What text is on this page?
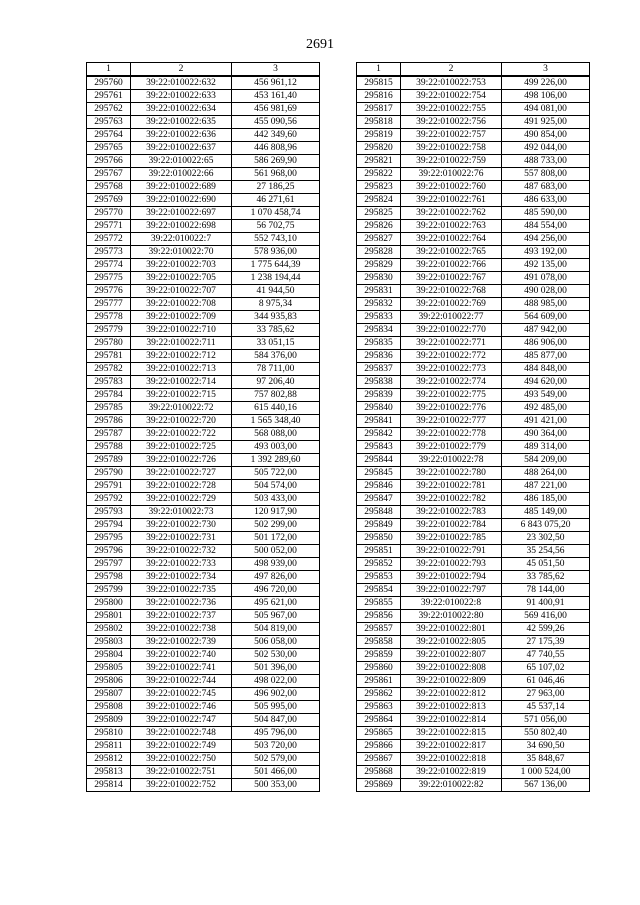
2691
1	2	3
295760	39:22:010022:632	456 961,12
295761	39:22:010022:633	453 161,40
295762	39:22:010022:634	456 981,69
295763	39:22:010022:635	455 090,56
295764	39:22:010022:636	442 349,60
295765	39:22:010022:637	446 808,96
295766	39:22:010022:65	586 269,90
295767	39:22:010022:66	561 968,00
295768	39:22:010022:689	27 186,25
295769	39:22:010022:690	46 271,61
295770	39:22:010022:697	1 070 458,74
295771	39:22:010022:698	56 702,75
295772	39:22:010022:7	552 743,10
295773	39:22:010022:70	578 936,00
295774	39:22:010022:703	1 775 644,39
295775	39:22:010022:705	1 238 194,44
295776	39:22:010022:707	41 944,50
295777	39:22:010022:708	8 975,34
295778	39:22:010022:709	344 935,83
295779	39:22:010022:710	33 785,62
295780	39:22:010022:711	33 051,15
295781	39:22:010022:712	584 376,00
295782	39:22:010022:713	78 711,00
295783	39:22:010022:714	97 206,40
295784	39:22:010022:715	757 802,88
295785	39:22:010022:72	615 440,16
295786	39:22:010022:720	1 565 348,40
295787	39:22:010022:722	568 088,00
295788	39:22:010022:725	493 003,00
295789	39:22:010022:726	1 392 289,60
295790	39:22:010022:727	505 722,00
295791	39:22:010022:728	504 574,00
295792	39:22:010022:729	503 433,00
295793	39:22:010022:73	120 917,90
295794	39:22:010022:730	502 299,00
295795	39:22:010022:731	501 172,00
295796	39:22:010022:732	500 052,00
295797	39:22:010022:733	498 939,00
295798	39:22:010022:734	497 826,00
295799	39:22:010022:735	496 720,00
295800	39:22:010022:736	495 621,00
295801	39:22:010022:737	505 967,00
295802	39:22:010022:738	504 819,00
295803	39:22:010022:739	506 058,00
295804	39:22:010022:740	502 530,00
295805	39:22:010022:741	501 396,00
295806	39:22:010022:744	498 022,00
295807	39:22:010022:745	496 902,00
295808	39:22:010022:746	505 995,00
295809	39:22:010022:747	504 847,00
295810	39:22:010022:748	495 796,00
295811	39:22:010022:749	503 720,00
295812	39:22:010022:750	502 579,00
295813	39:22:010022:751	501 466,00
295814	39:22:010022:752	500 353,00
1	2	3
295815	39:22:010022:753	499 226,00
295816	39:22:010022:754	498 106,00
295817	39:22:010022:755	494 081,00
295818	39:22:010022:756	491 925,00
295819	39:22:010022:757	490 854,00
295820	39:22:010022:758	492 044,00
295821	39:22:010022:759	488 733,00
295822	39:22:010022:76	557 808,00
295823	39:22:010022:760	487 683,00
295824	39:22:010022:761	486 633,00
295825	39:22:010022:762	485 590,00
295826	39:22:010022:763	484 554,00
295827	39:22:010022:764	494 256,00
295828	39:22:010022:765	493 192,00
295829	39:22:010022:766	492 135,00
295830	39:22:010022:767	491 078,00
295831	39:22:010022:768	490 028,00
295832	39:22:010022:769	488 985,00
295833	39:22:010022:77	564 609,00
295834	39:22:010022:770	487 942,00
295835	39:22:010022:771	486 906,00
295836	39:22:010022:772	485 877,00
295837	39:22:010022:773	484 848,00
295838	39:22:010022:774	494 620,00
295839	39:22:010022:775	493 549,00
295840	39:22:010022:776	492 485,00
295841	39:22:010022:777	491 421,00
295842	39:22:010022:778	490 364,00
295843	39:22:010022:779	489 314,00
295844	39:22:010022:78	584 209,00
295845	39:22:010022:780	488 264,00
295846	39:22:010022:781	487 221,00
295847	39:22:010022:782	486 185,00
295848	39:22:010022:783	485 149,00
295849	39:22:010022:784	6 843 075,20
295850	39:22:010022:785	23 302,50
295851	39:22:010022:791	35 254,56
295852	39:22:010022:793	45 051,50
295853	39:22:010022:794	33 785,62
295854	39:22:010022:797	78 144,00
295855	39:22:010022:8	91 400,91
295856	39:22:010022:80	569 416,00
295857	39:22:010022:801	42 599,26
295858	39:22:010022:805	27 175,39
295859	39:22:010022:807	47 740,55
295860	39:22:010022:808	65 107,02
295861	39:22:010022:809	61 046,46
295862	39:22:010022:812	27 963,00
295863	39:22:010022:813	45 537,14
295864	39:22:010022:814	571 056,00
295865	39:22:010022:815	550 802,40
295866	39:22:010022:817	34 690,50
295867	39:22:010022:818	35 848,67
295868	39:22:010022:819	1 000 524,00
295869	39:22:010022:82	567 136,00
